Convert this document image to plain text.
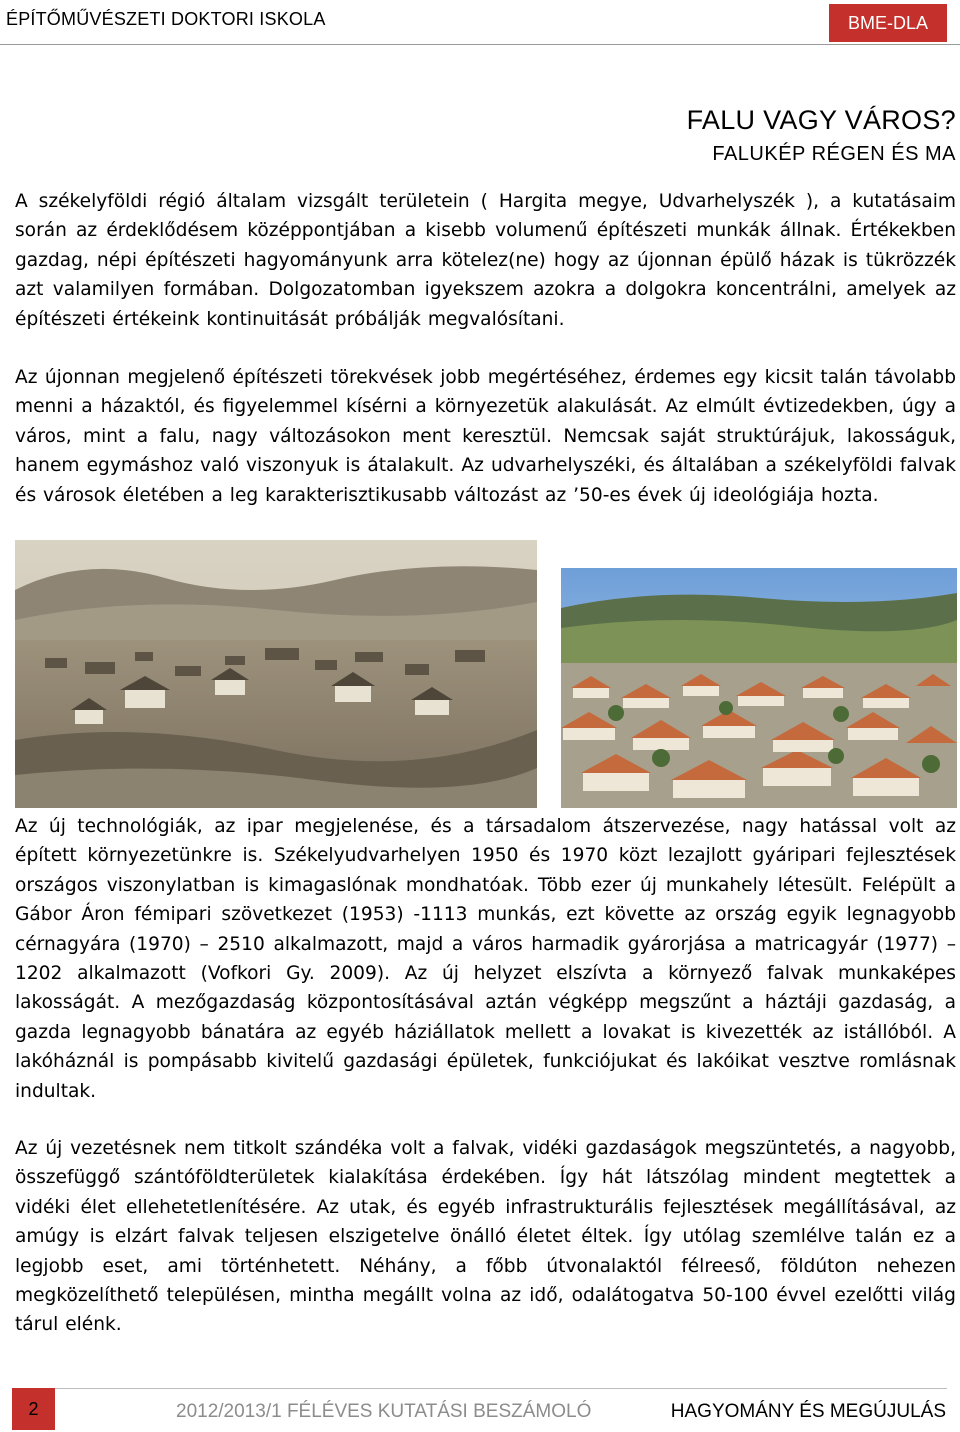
ÉPÍTŐMŰVÉSZETI DOKTORI ISKOLA	BME-DLA
FALU VAGY VÁROS?
FALUKÉP RÉGEN ÉS MA

A székelyföldi régió általam vizsgált területein ( Hargita megye, Udvarhelyszék ), a kutatásaim során az érdeklődésem középpontjában a kisebb volumenű építészeti munkák állnak. Értékekben gazdag, népi építészeti hagyományunk arra kötelez(ne) hogy az újonnan épülő házak is tükrözzék azt valamilyen formában. Dolgozatomban igyekszem azokra a dolgokra koncentrálni, amelyek az építészeti értékeink kontinuitását próbálják megvalósítani.

Az újonnan megjelenő építészeti törekvések jobb megértéséhez, érdemes egy kicsit talán távolabb menni a házaktól, és figyelemmel kísérni a környezetük alakulását. Az elmúlt évtizedekben, úgy a város, mint a falu, nagy változásokon ment keresztül. Nemcsak saját struktúrájuk, lakosságuk, hanem egymáshoz való viszonyuk is átalakult. Az udvarhelyszéki, és általában a székelyföldi falvak és városok életében a leg karakterisztikusabb változást az ’50-es évek új ideológiája hozta.

Az új technológiák, az ipar megjelenése, és a társadalom átszervezése, nagy hatással volt az épített környezetünkre is. Székelyudvarhelyen 1950 és 1970 közt lezajlott gyáripari fejlesztések országos viszonylatban is kimagaslónak mondhatóak. Több ezer új munkahely létesült. Felépült a Gábor Áron fémipari szövetkezet (1953) -1113 munkás, ezt követte az ország egyik legnagyobb cérnagyára (1970) – 2510 alkalmazott, majd a város harmadik gyárorjása a matricagyár (1977) – 1202 alkalmazott (Vofkori Gy. 2009). Az új helyzet elszívta a környező falvak munkaképes lakosságát. A mezőgazdaság központosításával aztán végképp megszűnt a háztáji gazdaság, a gazda legnagyobb bánatára az egyéb háziállatok mellett a lovakat is kivezették az istállóból. A lakóháznál is pompásabb kivitelű gazdasági épületek, funkciójukat és lakóikat vesztve romlásnak indultak.

Az új vezetésnek nem titkolt szándéka volt a falvak, vidéki gazdaságok megszüntetés, a nagyobb, összefüggő szántóföldterületek kialakítása érdekében. Így hát látszólag mindent megtettek a vidéki élet ellehetetlenítésére. Az utak, és egyéb infrastrukturális fejlesztések megállításával, az amúgy is elzárt falvak teljesen elszigetelve önálló életet éltek. Így utólag szemlélve talán ez a legjobb eset, ami történhetett. Néhány, a főbb útvonalaktól félreeső, földúton nehezen megközelíthető településen, mintha megállt volna az idő, odalátogatva 50-100 évvel ezelőtti világ tárul elénk.

2	2012/2013/1 FÉLÉVES KUTATÁSI BESZÁMOLÓ	HAGYOMÁNY ÉS MEGÚJULÁS
